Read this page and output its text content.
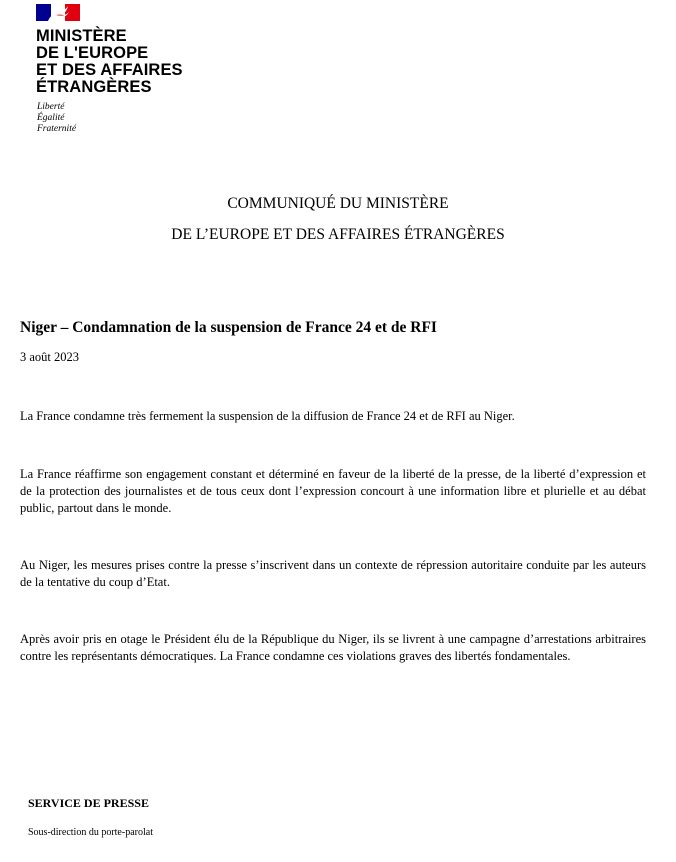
MINISTÈRE
DE L'EUROPE
ET DES AFFAIRES
ÉTRANGÈRES
Liberté
Égalité
Fraternité
COMMUNIQUÉ DU MINISTÈRE
DE L’EUROPE ET DES AFFAIRES ÉTRANGÈRES
Niger – Condamnation de la suspension de France 24 et de RFI
3 août 2023

La France condamne très fermement la suspension de la diffusion de France 24 et de RFI au Niger.

La France réaffirme son engagement constant et déterminé en faveur de la liberté de la presse, de la liberté d’expression et de la protection des journalistes et de tous ceux dont l’expression concourt à une information libre et plurielle et au débat public, partout dans le monde.

Au Niger, les mesures prises contre la presse s’inscrivent dans un contexte de répression autoritaire conduite par les auteurs de la tentative du coup d’Etat.

Après avoir pris en otage le Président élu de la République du Niger, ils se livrent à une campagne d’arrestations arbitraires contre les représentants démocratiques. La France condamne ces violations graves des libertés fondamentales.

SERVICE DE PRESSE
Sous-direction du porte-parolat
